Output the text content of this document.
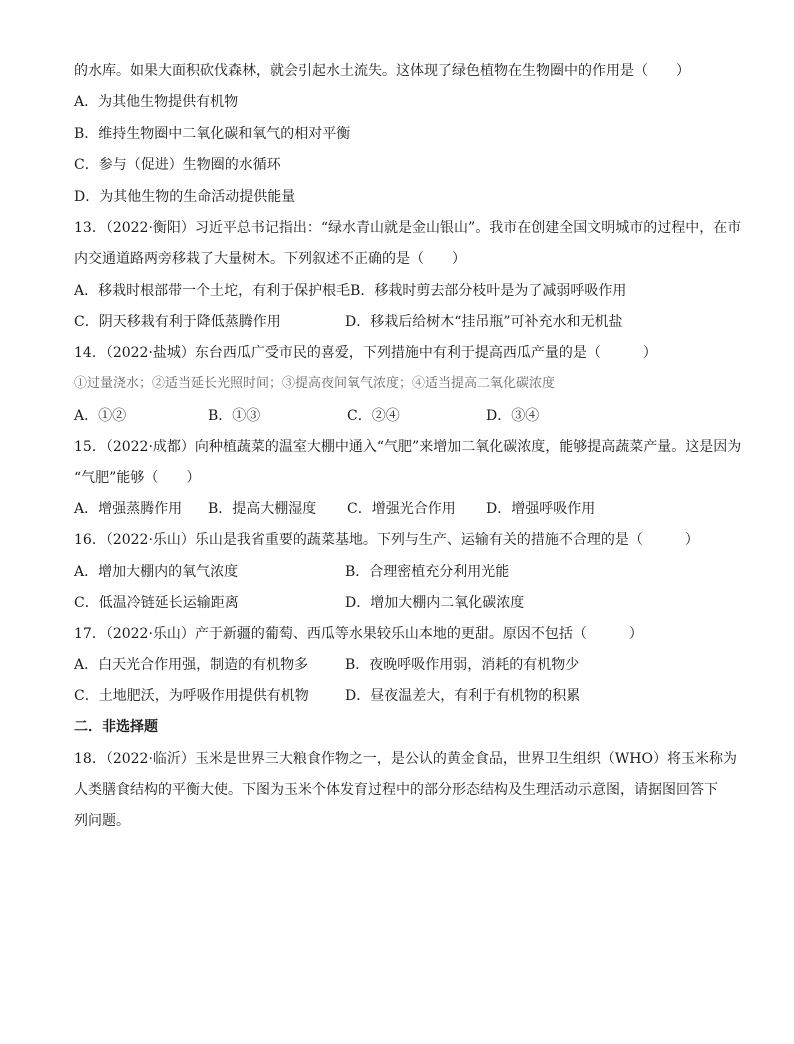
的水库。如果大面积砍伐森林，就会引起水土流失。这体现了绿色植物在生物圈中的作用是（　　）
A．为其他生物提供有机物
B．维持生物圈中二氧化碳和氧气的相对平衡
C．参与（促进）生物圈的水循环
D．为其他生物的生命活动提供能量
13．（2022·衡阳）习近平总书记指出：“绿水青山就是金山银山”。我市在创建全国文明城市的过程中，在市
内交通道路两旁移栽了大量树木。下列叙述不正确的是（　　）
A．移栽时根部带一个土坨，有利于保护根毛B．移栽时剪去部分枝叶是为了减弱呼吸作用
C．阴天移栽有利于降低蒸腾作用	D．移栽后给树木“挂吊瓶”可补充水和无机盐
14．（2022·盐城）东台西瓜广受市民的喜爱，下列措施中有利于提高西瓜产量的是（　　　）
①过量浇水；②适当延长光照时间；③提高夜间氧气浓度；④适当提高二氧化碳浓度
A．①②	B．①③	C．②④	D．③④
15．（2022·成都）向种植蔬菜的温室大棚中通入“气肥”来增加二氧化碳浓度，能够提高蔬菜产量。这是因为
“气肥”能够（　　）
A．增强蒸腾作用 B．提高大棚湿度 C．增强光合作用 D．增强呼吸作用
16．（2022·乐山）乐山是我省重要的蔬菜基地。下列与生产、运输有关的措施不合理的是（　　　）
A．增加大棚内的氧气浓度	B．合理密植充分利用光能
C．低温冷链延长运输距离	D．增加大棚内二氧化碳浓度
17．（2022·乐山）产于新疆的葡萄、西瓜等水果较乐山本地的更甜。原因不包括（　　　）
A．白天光合作用强，制造的有机物多	B．夜晚呼吸作用弱，消耗的有机物少
C．土地肥沃，为呼吸作用提供有机物	D．昼夜温差大，有利于有机物的积累
二．非选择题
18．（2022·临沂）玉米是世界三大粮食作物之一，是公认的黄金食品，世界卫生组织（WHO）将玉米称为
人类膳食结构的平衡大使。下图为玉米个体发育过程中的部分形态结构及生理活动示意图，请据图回答下
列问题。
